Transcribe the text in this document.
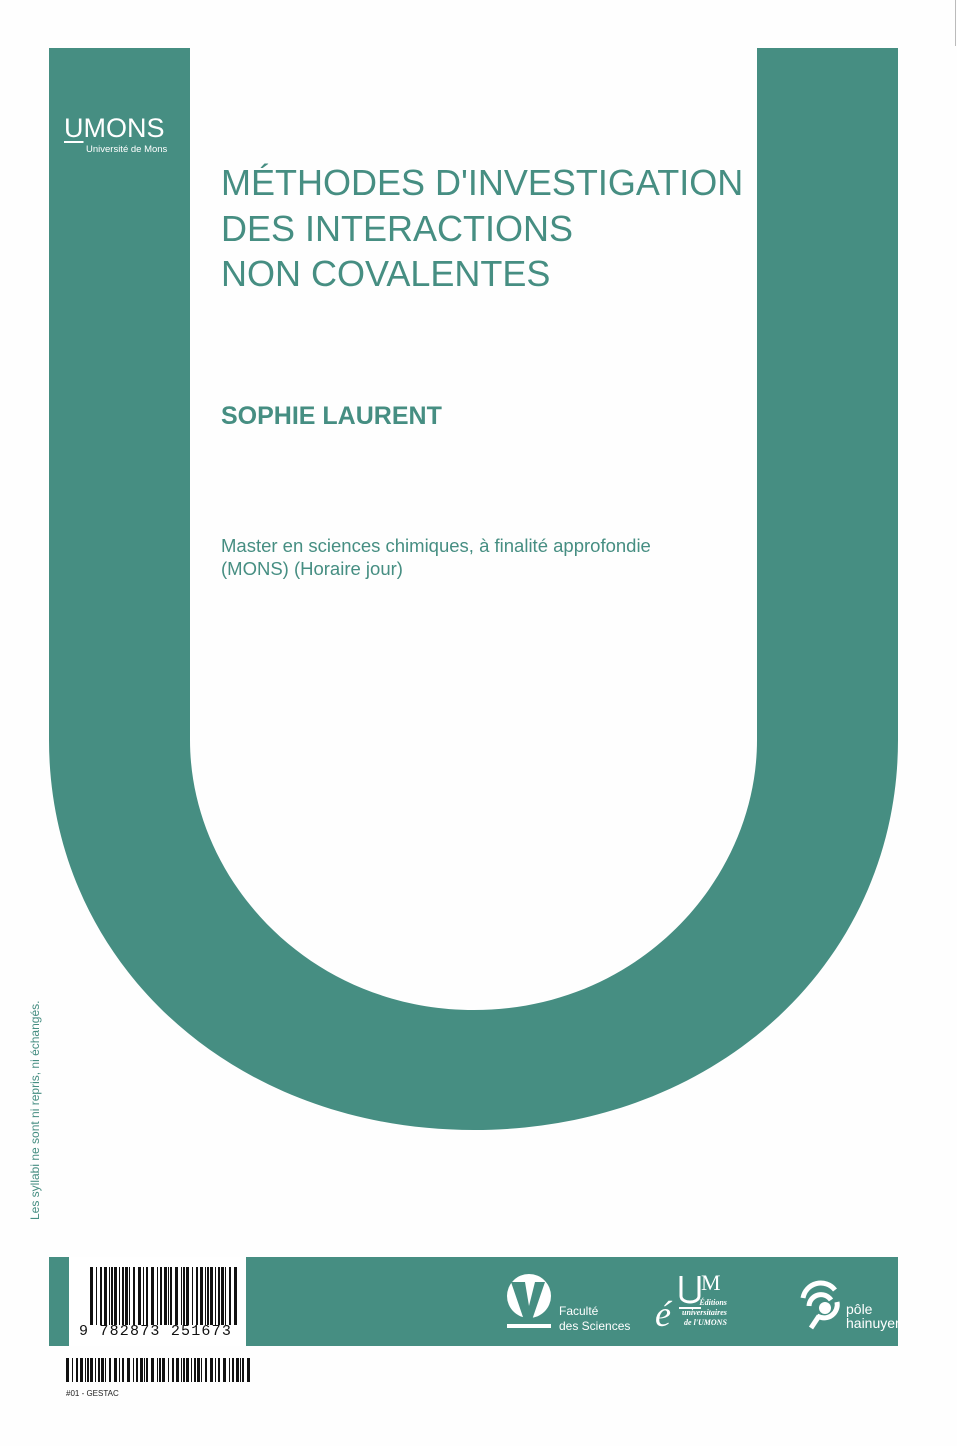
UMONS
Université de Mons
MÉTHODES D'INVESTIGATION
DES INTERACTIONS
NON COVALENTES
SOPHIE LAURENT
Master en sciences chimiques, à finalité approfondie
(MONS) (Horaire jour)
Les syllabi ne sont ni repris, ni échangés.
9 782873 251673
Faculté
des Sciences é
M
Éditions
universitaires
de l'UMONS
pôle
hainuyer
#01 - GESTAC
